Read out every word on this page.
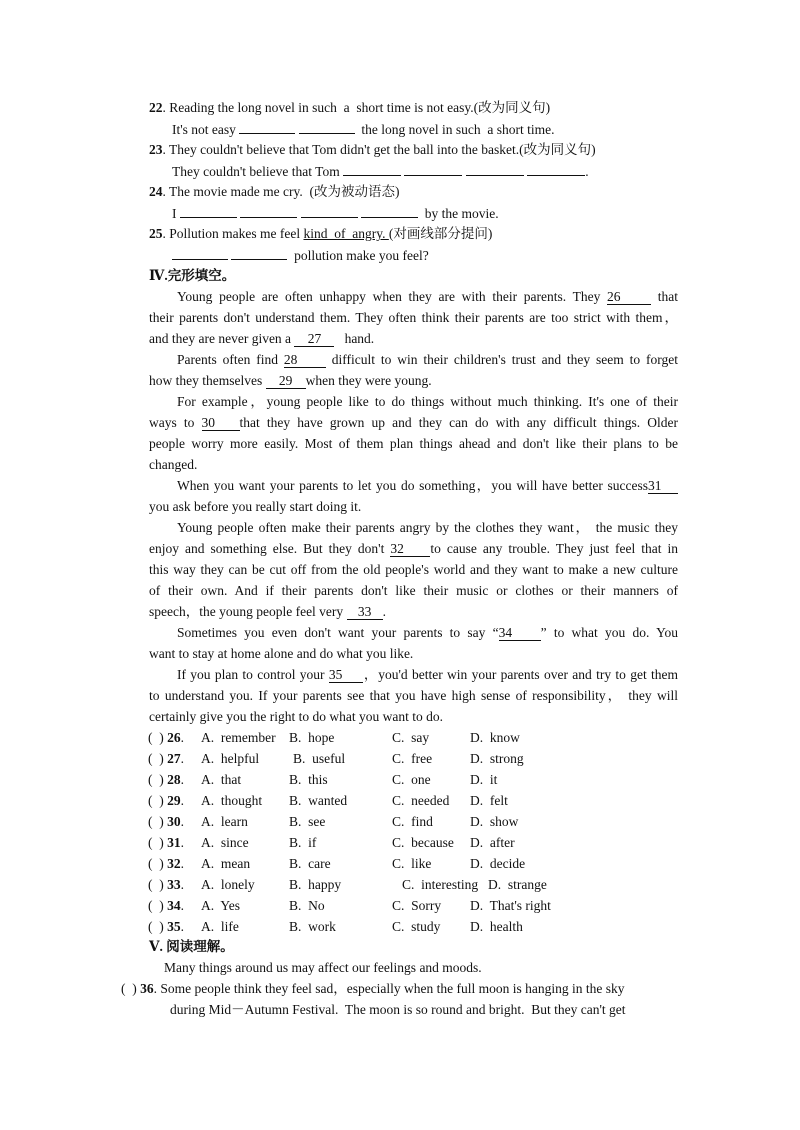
22. Reading the long novel in such  a  short time is not easy.(改为同义句)
It's not easy	the long novel in such  a short time.
23. They couldn't believe that Tom didn't get the ball into the basket.(改为同义句)
They couldn't believe that Tom	.
24. The movie made me cry.  (改为被动语态)
I	by the movie.
25. Pollution makes me feel kind  of  angry. (对画线部分提问)
pollution make you feel?
Ⅳ.完形填空。
Young people are often unhappy when they are with their parents. They 26	that
their parents don't understand them. They often think their parents are too strict with them，
and they are never given a 27 hand.
Parents often find 28	difficult to win their children's trust and they seem to forget
how they themselves 29 when they were young.
For example，young people like to do things without much thinking. It's one of their
ways to 30 that they have grown up and they can do with any difficult things. Older
people worry more easily. Most of them plan things ahead and don't like their plans to be
changed.
When you want your parents to let you do something，you will have better success31
you ask before you really start doing it.
Young people often make their parents angry by the clothes they want， the music they
enjoy and something else. But they don't 32 to cause any trouble. They just feel that in
this way they can be cut off from the old people's world and they want to make a new culture
of their own. And if their parents don't like their music or clothes or their manners of
speech，the young people feel very 33 .
Sometimes you even don't want your parents to say “34 ” to what you do. You
want to stay at home alone and do what you like.
If you plan to control your 35 ，you'd better win your parents over and try to get them
to understand you. If your parents see that you have high sense of responsibility， they will
certainly give you the right to do what you want to do.
(  ) 26. A.  remember B.  hope	C.  say	D.  know
(  ) 27. A.  helpful	B.  useful	C.  free	D.  strong
(  ) 28. A.  that	B.  this	C.  one	D.  it
(  ) 29. A.  thought B.  wanted	C.  needed D.  felt
(  ) 30. A.  learn	B.  see	C.  find	D.  show
(  ) 31. A.  since	B.  if	C.  because D.  after
(  ) 32. A.  mean	B.  care	C.  like	D.  decide
(  ) 33. A.  lonely	B.  happy	C.  interesting D.  strange
(  ) 34. A.  Yes	B.  No	C.  Sorry D.  That's right
(  ) 35. A.  life	B.  work	C.  study D.  health
Ⅴ. 阅读理解。
Many things around us may affect our feelings and moods.
(  ) 36. Some people think they feel sad，especially when the full moon is hanging in the sky
during Mid－Autumn Festival.  The moon is so round and bright.  But they can't get
